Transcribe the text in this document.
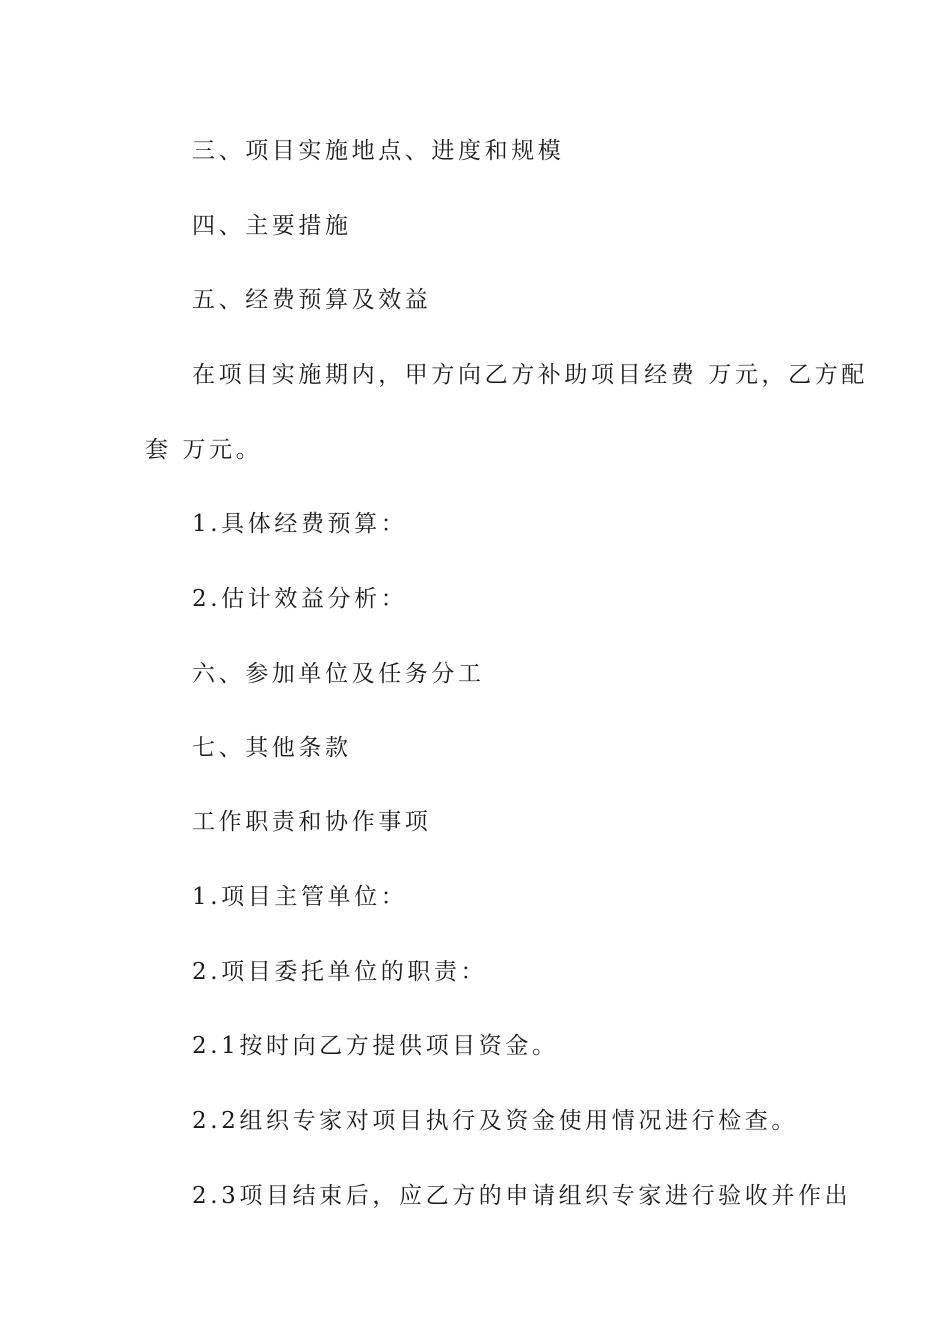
三、项目实施地点、进度和规模

四、主要措施

五、经费预算及效益

在项目实施期内，甲方向乙方补助项目经费 万元，乙方配

套 万元。

1.具体经费预算：

2.估计效益分析：

六、参加单位及任务分工

七、其他条款

工作职责和协作事项

1.项目主管单位：

2.项目委托单位的职责：

2.1按时向乙方提供项目资金。

2.2组织专家对项目执行及资金使用情况进行检查。

2.3项目结束后，应乙方的申请组织专家进行验收并作出
